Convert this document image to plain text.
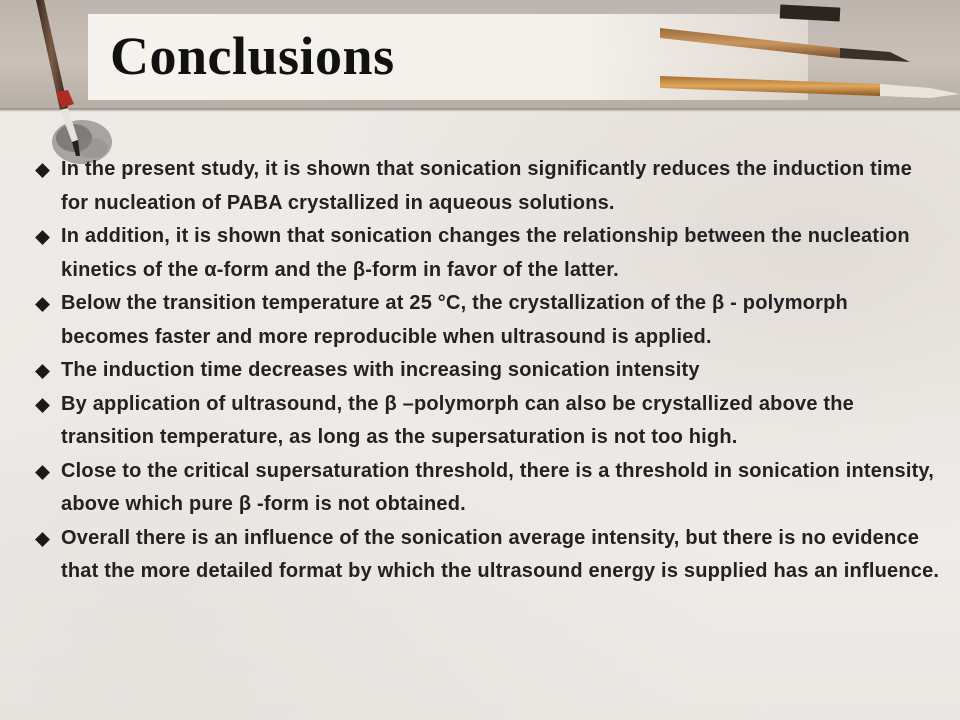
Conclusions
In the present study, it is shown that sonication significantly reduces the induction time for nucleation of PABA crystallized in aqueous solutions.
In addition, it is shown that sonication changes the relationship between the nucleation kinetics of the α-form and the β-form in favor of the latter.
Below the transition temperature at 25 °C, the crystallization of the β - polymorph becomes faster and more reproducible when ultrasound is applied.
The induction time decreases with increasing sonication intensity
By application of ultrasound, the β –polymorph can also be crystallized above the transition temperature, as long as the supersaturation is not too high.
Close to the critical supersaturation threshold, there is a threshold in sonication intensity, above which pure β -form is not obtained.
Overall there is an influence of the sonication average intensity, but there is no evidence that the more detailed format by which the ultrasound energy is supplied has an influence.
